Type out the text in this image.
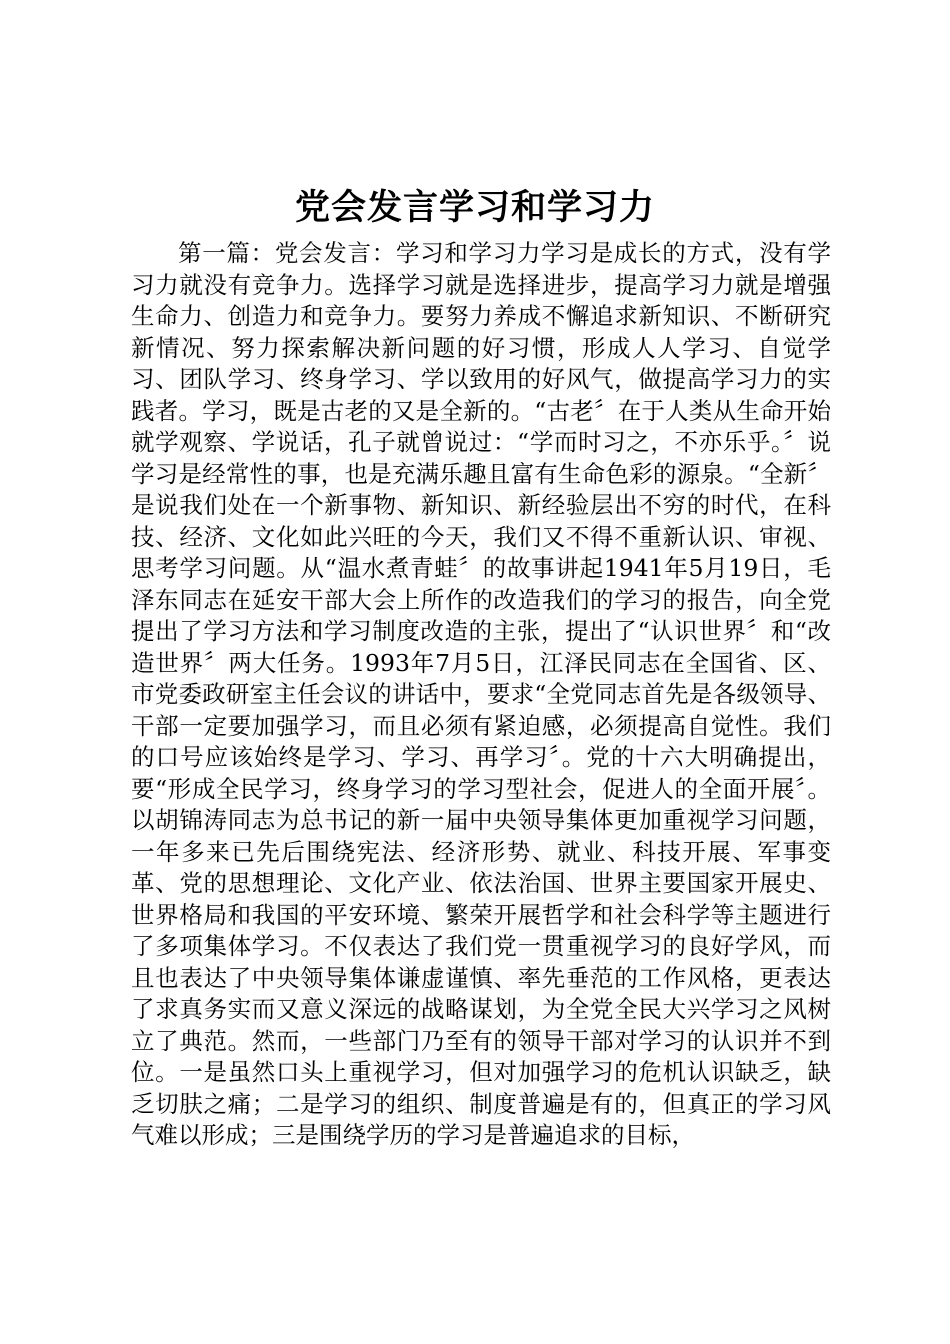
党会发言学习和学习力

第一篇：党会发言：学习和学习力学习是成长的方式，没有学习力就没有竞争力。选择学习就是选择进步，提高学习力就是增强生命力、创造力和竞争力。要努力养成不懈追求新知识、不断研究新情况、努力探索解决新问题的好习惯，形成人人学习、自觉学习、团队学习、终身学习、学以致用的好风气，做提高学习力的实践者。学习，既是古老的又是全新的。“古老〞在于人类从生命开始就学观察、学说话，孔子就曾说过：“学而时习之，不亦乐乎。〞说学习是经常性的事，也是充满乐趣且富有生命色彩的源泉。“全新〞是说我们处在一个新事物、新知识、新经验层出不穷的时代，在科技、经济、文化如此兴旺的今天，我们又不得不重新认识、审视、思考学习问题。从“温水煮青蛙〞的故事讲起1941年5月19日，毛泽东同志在延安干部大会上所作的改造我们的学习的报告，向全党提出了学习方法和学习制度改造的主张，提出了“认识世界〞和“改造世界〞两大任务。1993年7月5日，江泽民同志在全国省、区、市党委政研室主任会议的讲话中，要求“全党同志首先是各级领导、干部一定要加强学习，而且必须有紧迫感，必须提高自觉性。我们的口号应该始终是学习、学习、再学习〞。党的十六大明确提出，要“形成全民学习，终身学习的学习型社会，促进人的全面开展〞。以胡锦涛同志为总书记的新一届中央领导集体更加重视学习问题，一年多来已先后围绕宪法、经济形势、就业、科技开展、军事变革、党的思想理论、文化产业、依法治国、世界主要国家开展史、世界格局和我国的平安环境、繁荣开展哲学和社会科学等主题进行了多项集体学习。不仅表达了我们党一贯重视学习的良好学风，而且也表达了中央领导集体谦虚谨慎、率先垂范的工作风格，更表达了求真务实而又意义深远的战略谋划，为全党全民大兴学习之风树立了典范。然而，一些部门乃至有的领导干部对学习的认识并不到位。一是虽然口头上重视学习，但对加强学习的危机认识缺乏，缺乏切肤之痛；二是学习的组织、制度普遍是有的，但真正的学习风气难以形成；三是围绕学历的学习是普遍追求的目标，
